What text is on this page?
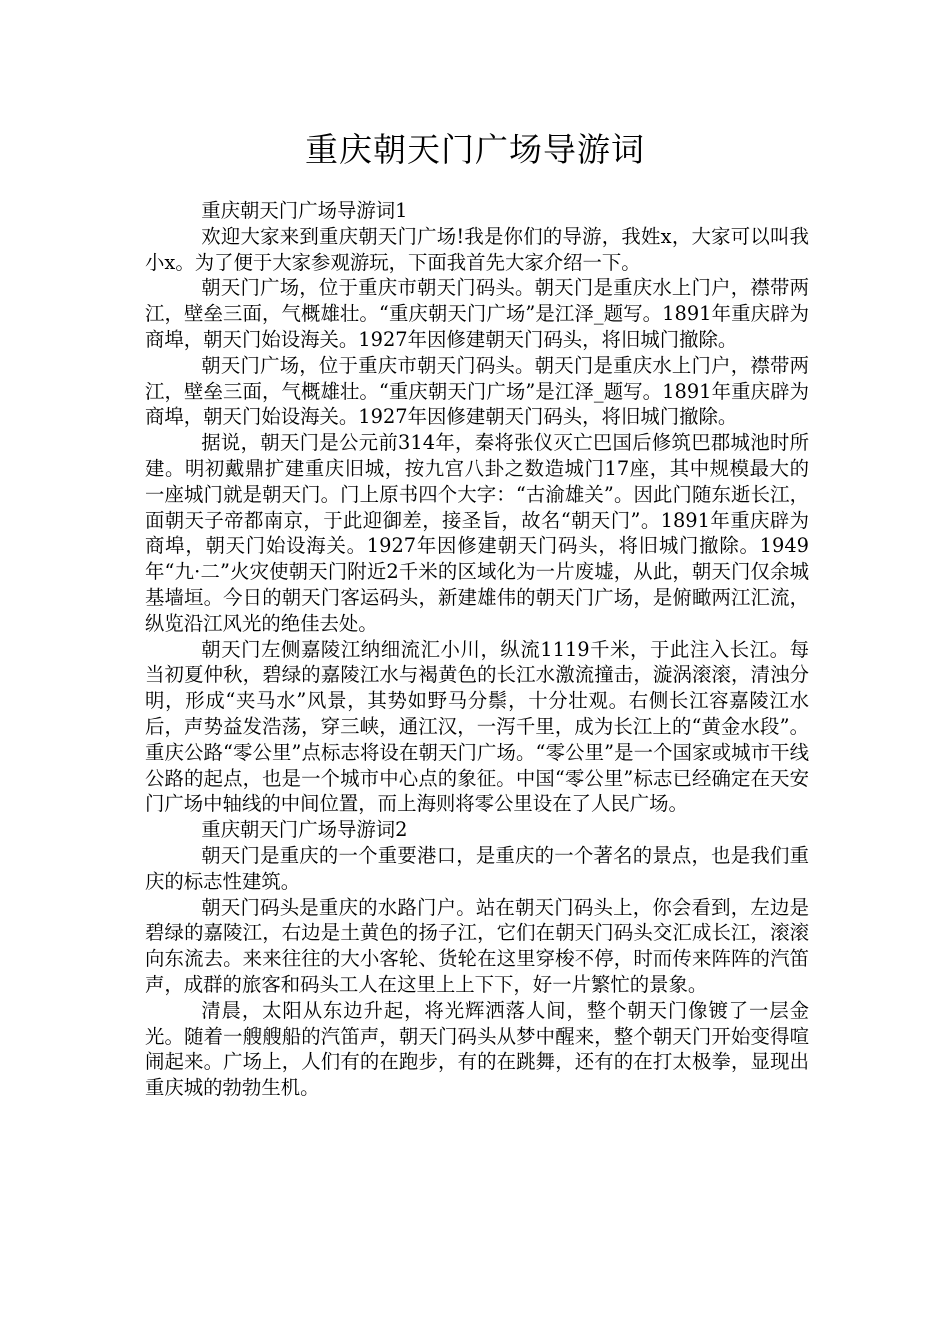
重庆朝天门广场导游词

重庆朝天门广场导游词1

欢迎大家来到重庆朝天门广场!我是你们的导游，我姓x，大家可以叫我小x。为了便于大家参观游玩，下面我首先大家介绍一下。

朝天门广场，位于重庆市朝天门码头。朝天门是重庆水上门户，襟带两江，壁垒三面，气概雄壮。“重庆朝天门广场”是江泽_题写。1891年重庆辟为商埠，朝天门始设海关。1927年因修建朝天门码头，将旧城门撤除。

朝天门广场，位于重庆市朝天门码头。朝天门是重庆水上门户，襟带两江，壁垒三面，气概雄壮。“重庆朝天门广场”是江泽_题写。1891年重庆辟为商埠，朝天门始设海关。1927年因修建朝天门码头，将旧城门撤除。

据说，朝天门是公元前314年，秦将张仪灭亡巴国后修筑巴郡城池时所建。明初戴鼎扩建重庆旧城，按九宫八卦之数造城门17座，其中规模最大的一座城门就是朝天门。门上原书四个大字：“古渝雄关”。因此门随东逝长江，面朝天子帝都南京，于此迎御差，接圣旨，故名“朝天门”。1891年重庆辟为商埠，朝天门始设海关。1927年因修建朝天门码头，将旧城门撤除。1949年“九·二”火灾使朝天门附近2千米的区域化为一片废墟，从此，朝天门仅余城基墙垣。今日的朝天门客运码头，新建雄伟的朝天门广场，是俯瞰两江汇流，纵览沿江风光的绝佳去处。

朝天门左侧嘉陵江纳细流汇小川，纵流1119千米，于此注入长江。每当初夏仲秋，碧绿的嘉陵江水与褐黄色的长江水激流撞击，漩涡滚滚，清浊分明，形成“夹马水”风景，其势如野马分鬃，十分壮观。右侧长江容嘉陵江水后，声势益发浩荡，穿三峡，通江汉，一泻千里，成为长江上的“黄金水段”。重庆公路“零公里”点标志将设在朝天门广场。“零公里”是一个国家或城市干线公路的起点，也是一个城市中心点的象征。中国“零公里”标志已经确定在天安门广场中轴线的中间位置，而上海则将零公里设在了人民广场。

重庆朝天门广场导游词2

朝天门是重庆的一个重要港口，是重庆的一个著名的景点，也是我们重庆的标志性建筑。

朝天门码头是重庆的水路门户。站在朝天门码头上，你会看到，左边是碧绿的嘉陵江，右边是土黄色的扬子江，它们在朝天门码头交汇成长江，滚滚向东流去。来来往往的大小客轮、货轮在这里穿梭不停，时而传来阵阵的汽笛声，成群的旅客和码头工人在这里上上下下，好一片繁忙的景象。

清晨，太阳从东边升起，将光辉洒落人间，整个朝天门像镀了一层金光。随着一艘艘船的汽笛声，朝天门码头从梦中醒来，整个朝天门开始变得喧闹起来。广场上，人们有的在跑步，有的在跳舞，还有的在打太极拳，显现出重庆城的勃勃生机。
